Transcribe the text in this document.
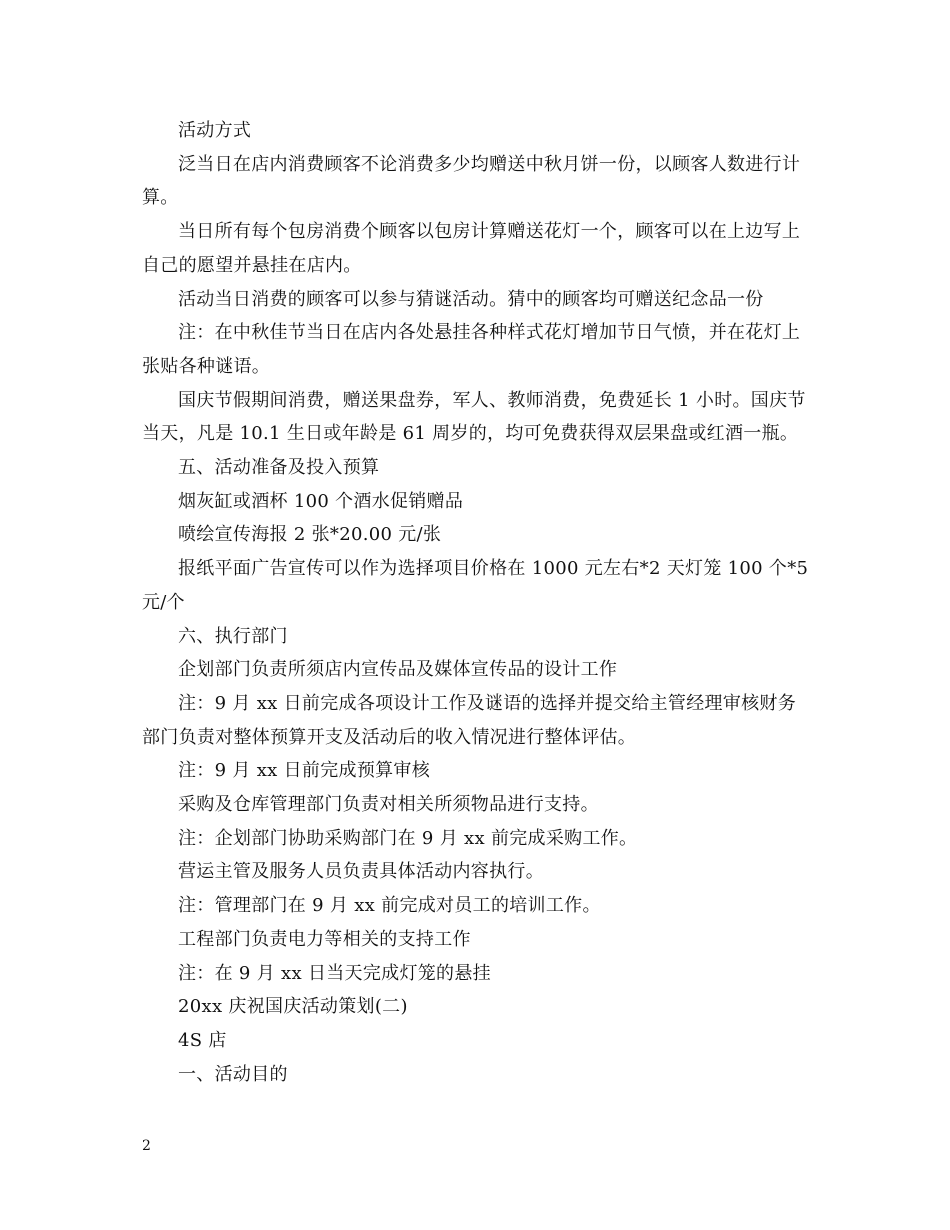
活动方式

泛当日在店内消费顾客不论消费多少均赠送中秋月饼一份，以顾客人数进行计算。

当日所有每个包房消费个顾客以包房计算赠送花灯一个，顾客可以在上边写上自己的愿望并悬挂在店内。

活动当日消费的顾客可以参与猜谜活动。猜中的顾客均可赠送纪念品一份

注：在中秋佳节当日在店内各处悬挂各种样式花灯增加节日气愤，并在花灯上张贴各种谜语。

国庆节假期间消费，赠送果盘券，军人、教师消费，免费延长 1 小时。国庆节当天，凡是 10.1 生日或年龄是 61 周岁的，均可免费获得双层果盘或红酒一瓶。

五、活动准备及投入预算

烟灰缸或酒杯 100 个酒水促销赠品

喷绘宣传海报 2 张*20.00 元/张

报纸平面广告宣传可以作为选择项目价格在 1000 元左右*2 天灯笼 100 个*5 元/个

六、执行部门

企划部门负责所须店内宣传品及媒体宣传品的设计工作

注：9 月 xx 日前完成各项设计工作及谜语的选择并提交给主管经理审核财务部门负责对整体预算开支及活动后的收入情况进行整体评估。

注：9 月 xx 日前完成预算审核

采购及仓库管理部门负责对相关所须物品进行支持。

注：企划部门协助采购部门在 9 月 xx 前完成采购工作。

营运主管及服务人员负责具体活动内容执行。

注：管理部门在 9 月 xx 前完成对员工的培训工作。

工程部门负责电力等相关的支持工作

注：在 9 月 xx 日当天完成灯笼的悬挂

20xx 庆祝国庆活动策划(二)

4S 店

一、活动目的

2
